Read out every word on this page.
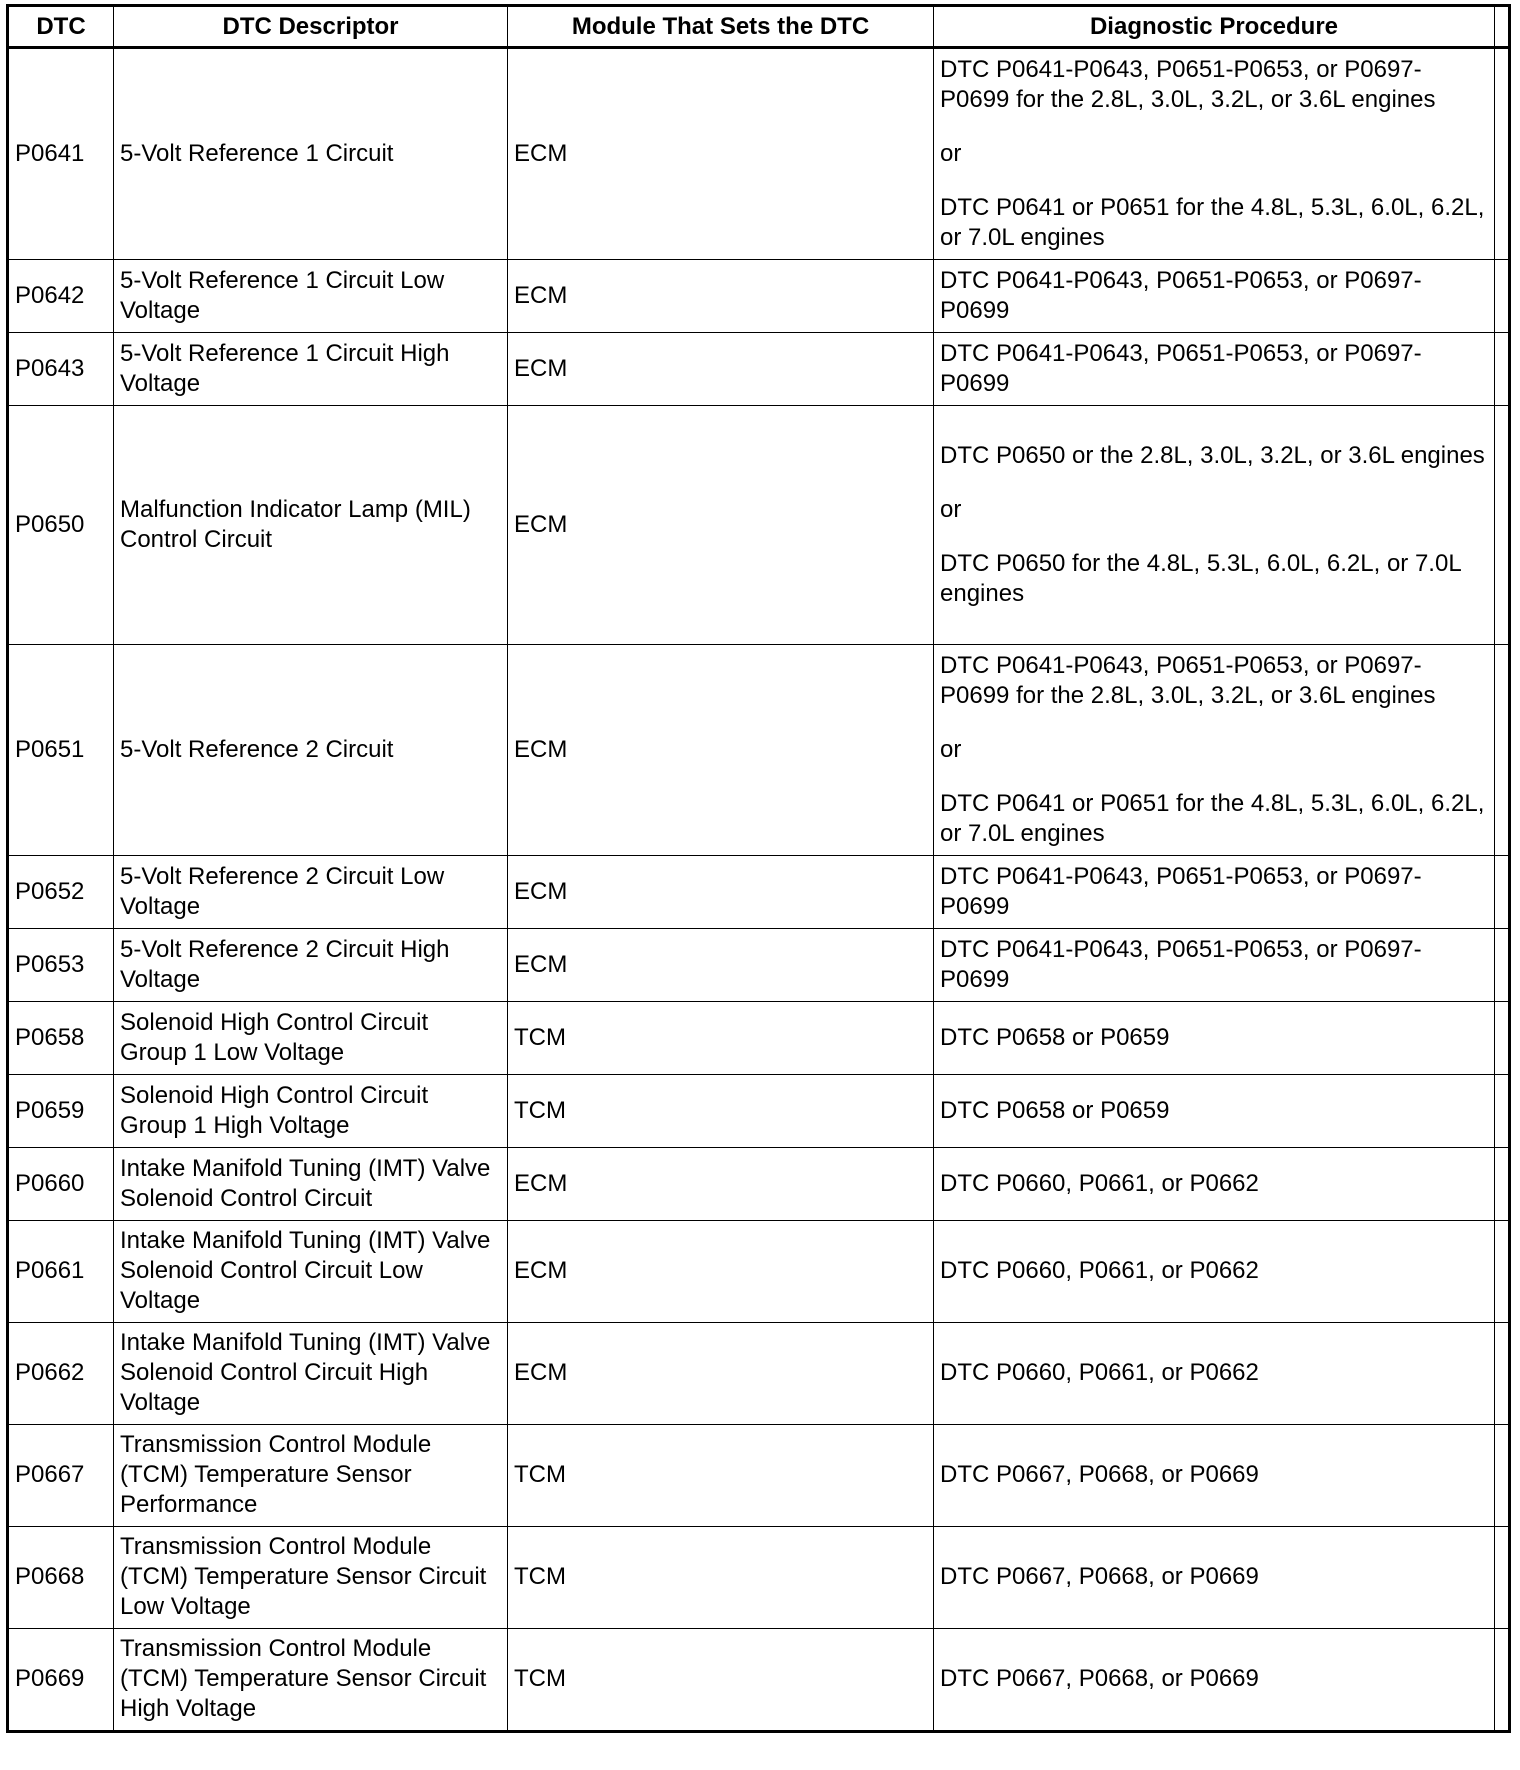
DTC	DTC Descriptor	Module That Sets the DTC	Diagnostic Procedure	
P0641	5-Volt Reference 1 Circuit	ECM	DTC P0641-P0643, P0651-P0653, or P0697-P0699 for the 2.8L, 3.0L, 3.2L, or 3.6L engines
or
DTC P0641 or P0651 for the 4.8L, 5.3L, 6.0L, 6.2L, or 7.0L engines	

P0642	5-Volt Reference 1 Circuit Low Voltage	ECM	DTC P0641-P0643, P0651-P0653, or P0697-P0699	
P0643	5-Volt Reference 1 Circuit High Voltage	ECM	DTC P0641-P0643, P0651-P0653, or P0697-P0699	
P0650	Malfunction Indicator Lamp (MIL) Control Circuit	ECM	DTC P0650 or the 2.8L, 3.0L, 3.2L, or 3.6L engines
or
DTC P0650 for the 4.8L, 5.3L, 6.0L, 6.2L, or 7.0L engines	

P0651	5-Volt Reference 2 Circuit	ECM	DTC P0641-P0643, P0651-P0653, or P0697-P0699 for the 2.8L, 3.0L, 3.2L, or 3.6L engines
or
DTC P0641 or P0651 for the 4.8L, 5.3L, 6.0L, 6.2L, or 7.0L engines	

P0652	5-Volt Reference 2 Circuit Low Voltage	ECM	DTC P0641-P0643, P0651-P0653, or P0697-P0699	
P0653	5-Volt Reference 2 Circuit High Voltage	ECM	DTC P0641-P0643, P0651-P0653, or P0697-P0699	
P0658	Solenoid High Control Circuit Group 1 Low Voltage	TCM	DTC P0658 or P0659	
P0659	Solenoid High Control Circuit Group 1 High Voltage	TCM	DTC P0658 or P0659	
P0660	Intake Manifold Tuning (IMT) Valve Solenoid Control Circuit	ECM	DTC P0660, P0661, or P0662	
P0661	Intake Manifold Tuning (IMT) Valve Solenoid Control Circuit Low Voltage	ECM	DTC P0660, P0661, or P0662	
P0662	Intake Manifold Tuning (IMT) Valve Solenoid Control Circuit High Voltage	ECM	DTC P0660, P0661, or P0662	
P0667	Transmission Control Module (TCM) Temperature Sensor Performance	TCM	DTC P0667, P0668, or P0669	
P0668	Transmission Control Module (TCM) Temperature Sensor Circuit Low Voltage	TCM	DTC P0667, P0668, or P0669	
P0669	Transmission Control Module (TCM) Temperature Sensor Circuit High Voltage	TCM	DTC P0667, P0668, or P0669	
